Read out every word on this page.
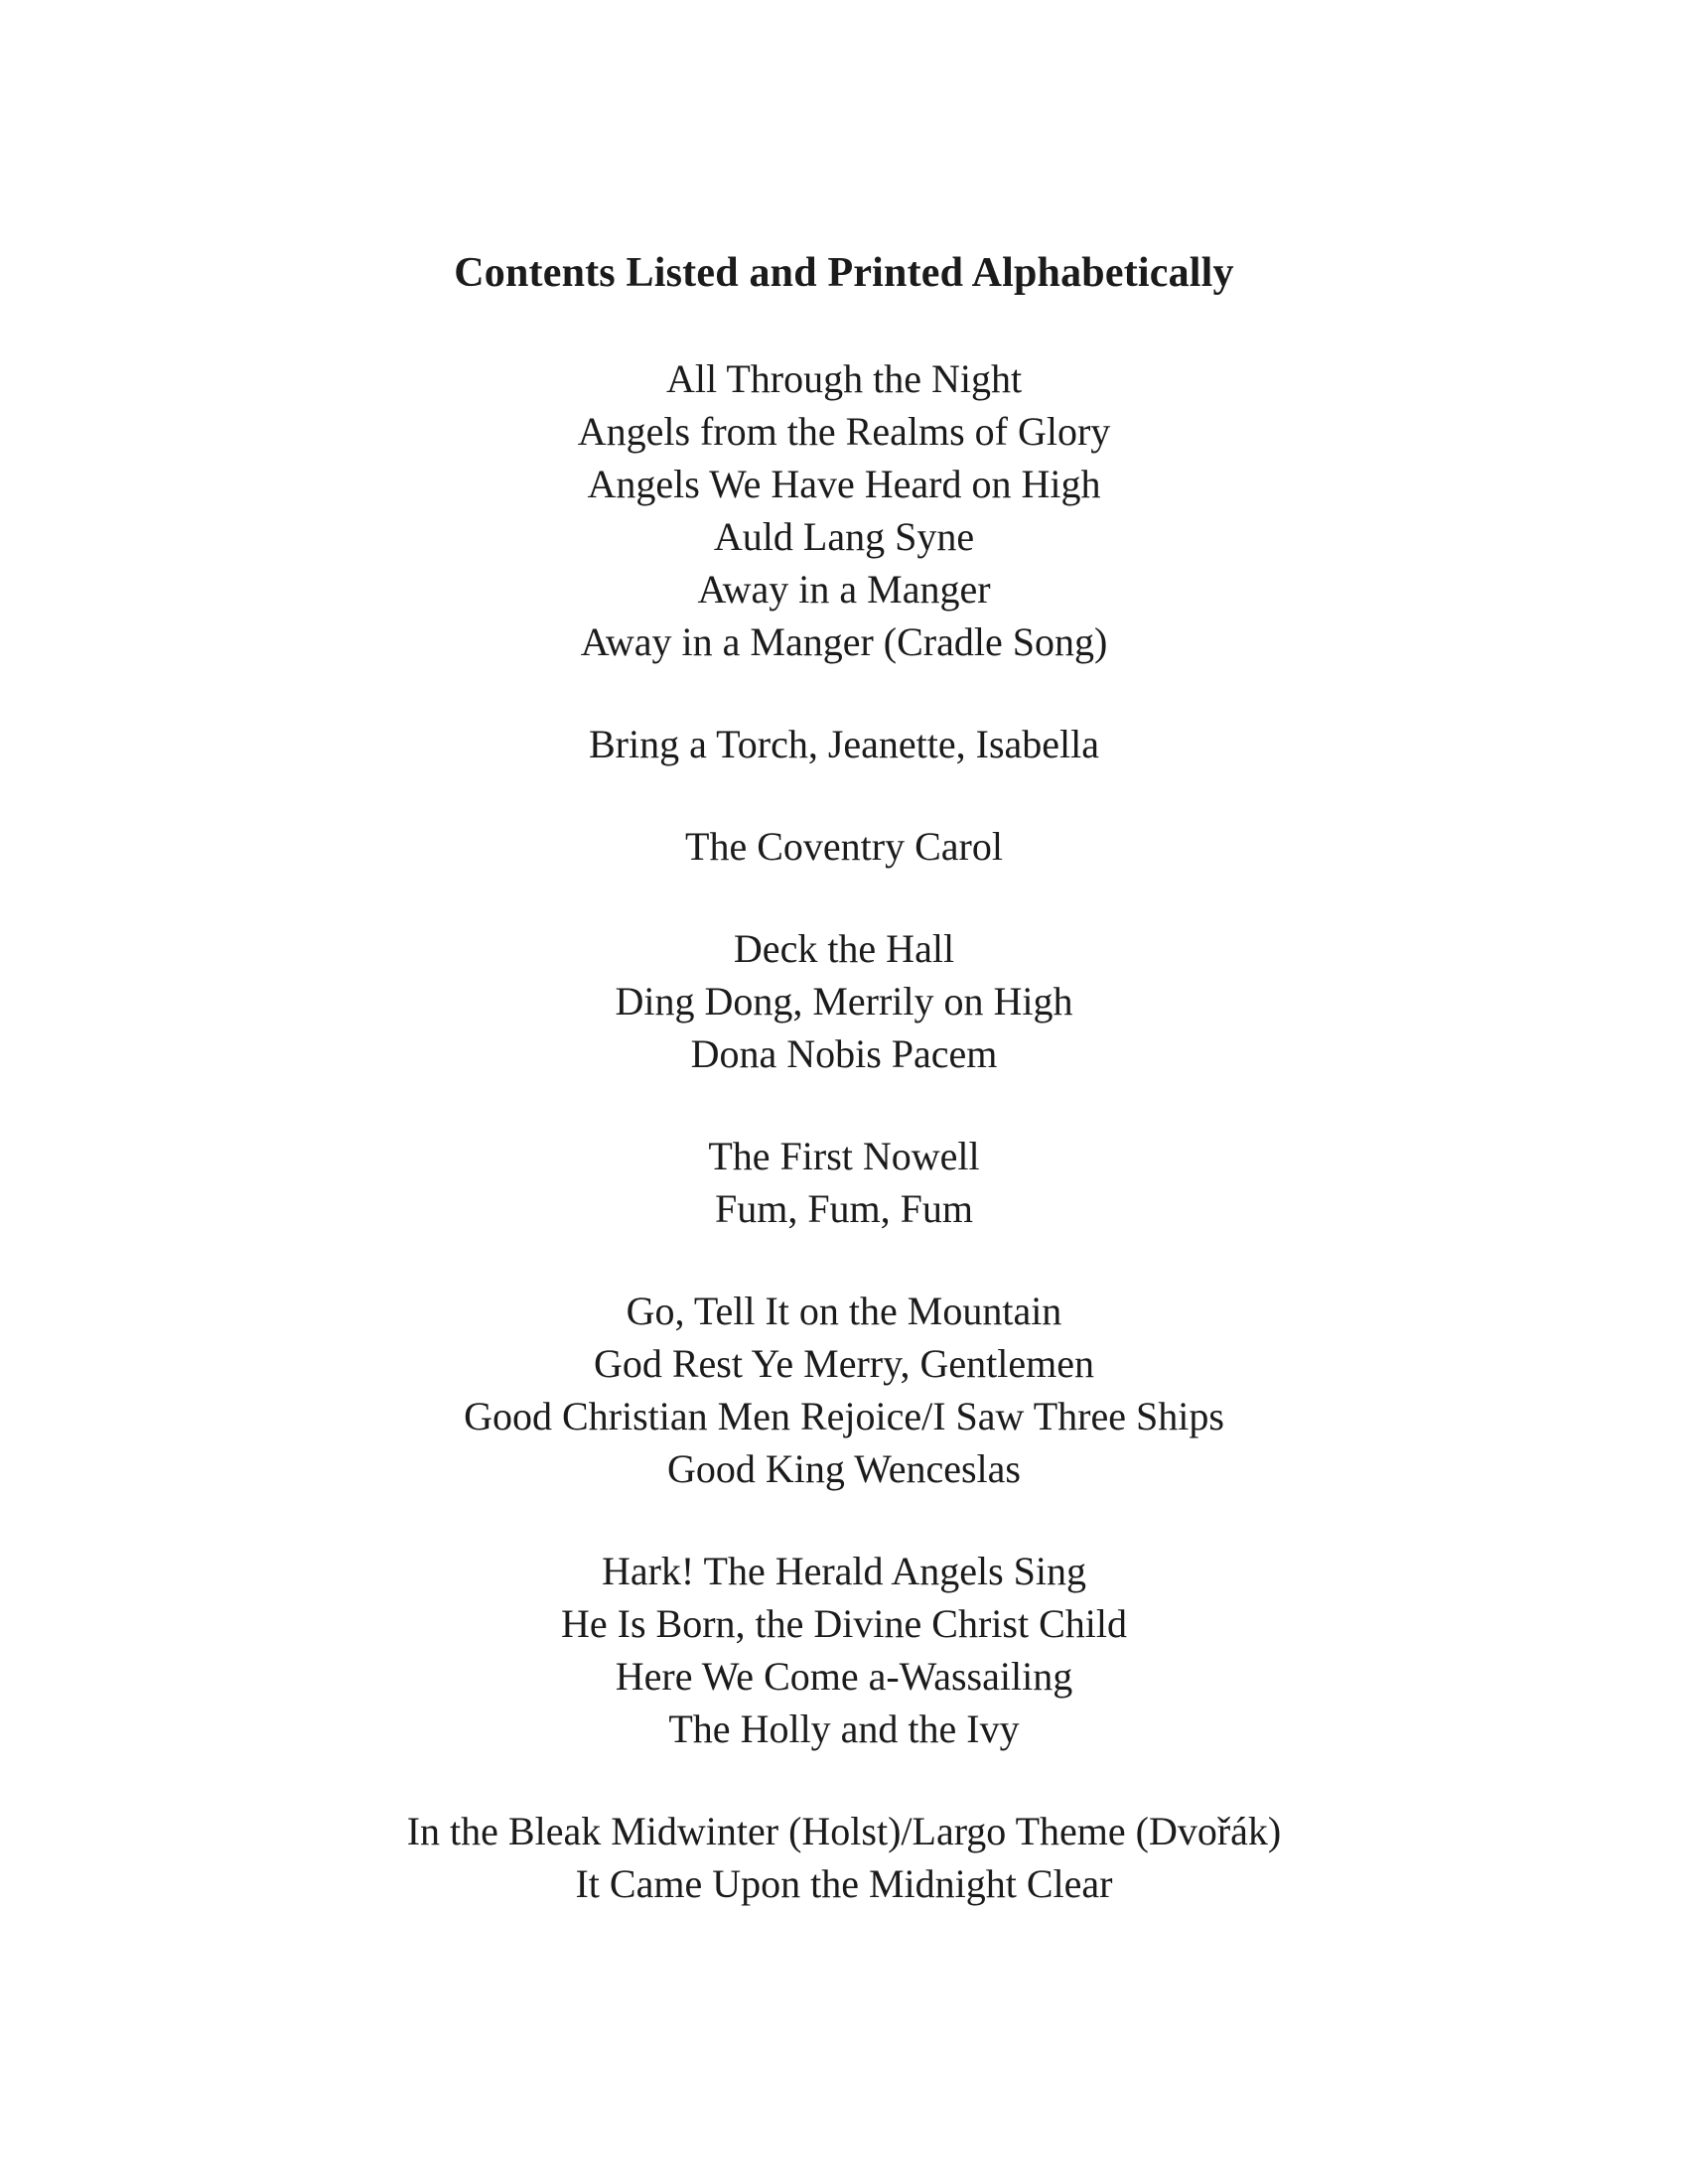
Contents Listed and Printed Alphabetically

All Through the Night

Angels from the Realms of Glory

Angels We Have Heard on High

Auld Lang Syne

Away in a Manger

Away in a Manger (Cradle Song)

Bring a Torch, Jeanette, Isabella

The Coventry Carol

Deck the Hall

Ding Dong, Merrily on High

Dona Nobis Pacem

The First Nowell

Fum, Fum, Fum

Go, Tell It on the Mountain

God Rest Ye Merry, Gentlemen

Good Christian Men Rejoice/I Saw Three Ships

Good King Wenceslas

Hark! The Herald Angels Sing

He Is Born, the Divine Christ Child

Here We Come a-Wassailing

The Holly and the Ivy

In the Bleak Midwinter (Holst)/Largo Theme (Dvořák)

It Came Upon the Midnight Clear
